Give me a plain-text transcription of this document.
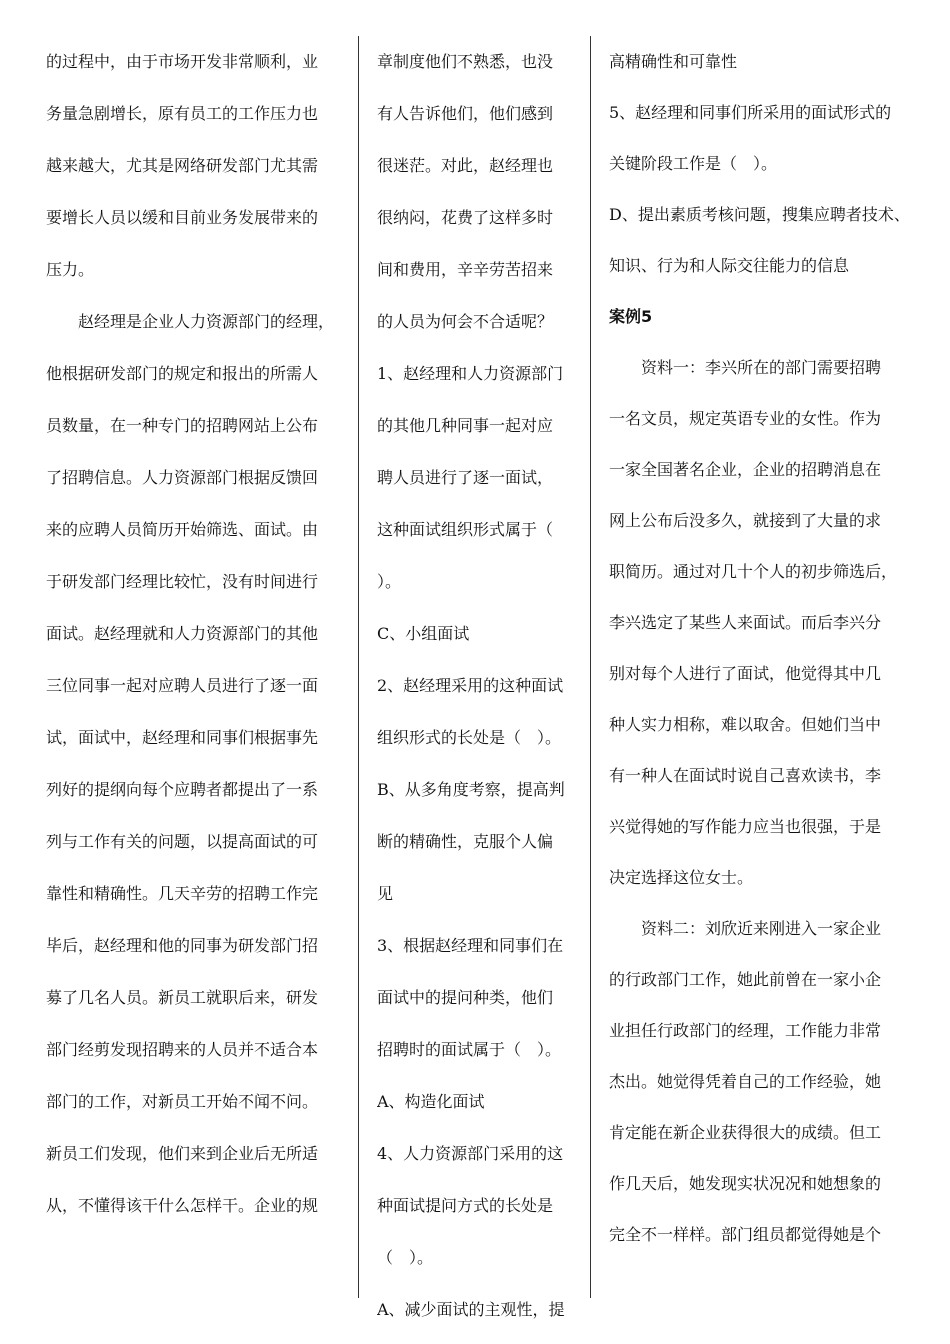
的过程中，由于市场开发非常顺利，业
务量急剧增长，原有员工的工作压力也
越来越大，尤其是网络研发部门尤其需
要增长人员以缓和目前业务发展带来的
压力。
　　赵经理是企业人力资源部门的经理，
他根据研发部门的规定和报出的所需人
员数量，在一种专门的招聘网站上公布
了招聘信息。人力资源部门根据反馈回
来的应聘人员简历开始筛选、面试。由
于研发部门经理比较忙，没有时间进行
面试。赵经理就和人力资源部门的其他
三位同事一起对应聘人员进行了逐一面
试，面试中，赵经理和同事们根据事先
列好的提纲向每个应聘者都提出了一系
列与工作有关的问题，以提高面试的可
靠性和精确性。几天辛劳的招聘工作完
毕后，赵经理和他的同事为研发部门招
募了几名人员。新员工就职后来，研发
部门经剪发现招聘来的人员并不适合本
部门的工作，对新员工开始不闻不问。
新员工们发现，他们来到企业后无所适
从，不懂得该干什么怎样干。企业的规
章制度他们不熟悉，也没
有人告诉他们，他们感到
很迷茫。对此，赵经理也
很纳闷，花费了这样多时
间和费用，辛辛劳苦招来
的人员为何会不合适呢？
1、赵经理和人力资源部门
的其他几种同事一起对应
聘人员进行了逐一面试，
这种面试组织形式属于（
）。
C、小组面试
2、赵经理采用的这种面试
组织形式的长处是（　）。
B、从多角度考察，提高判
断的精确性，克服个人偏
见
3、根据赵经理和同事们在
面试中的提问种类，他们
招聘时的面试属于（　）。
A、构造化面试
4、人力资源部门采用的这
种面试提问方式的长处是
（　）。
A、减少面试的主观性，提
高精确性和可靠性
5、赵经理和同事们所采用的面试形式的
关键阶段工作是（　）。
D、提出素质考核问题，搜集应聘者技术、
知识、行为和人际交往能力的信息
案例5
　　资料一：李兴所在的部门需要招聘
一名文员，规定英语专业的女性。作为
一家全国著名企业，企业的招聘消息在
网上公布后没多久，就接到了大量的求
职简历。通过对几十个人的初步筛选后，
李兴选定了某些人来面试。而后李兴分
别对每个人进行了面试，他觉得其中几
种人实力相称，难以取舍。但她们当中
有一种人在面试时说自己喜欢读书，李
兴觉得她的写作能力应当也很强，于是
决定选择这位女士。
　　资料二：刘欣近来刚进入一家企业
的行政部门工作，她此前曾在一家小企
业担任行政部门的经理，工作能力非常
杰出。她觉得凭着自己的工作经验，她
肯定能在新企业获得很大的成绩。但工
作几天后，她发现实状况况和她想象的
完全不一样样。部门组员都觉得她是个
